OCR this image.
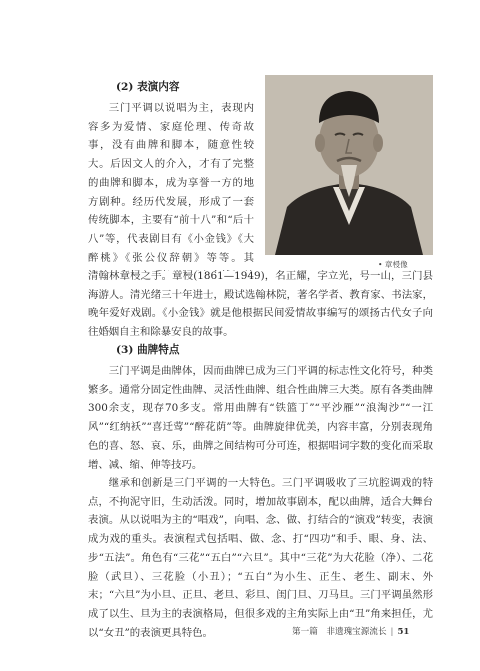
(2) 表演内容

三门平调以说唱为主，表现内容多为爱情、家庭伦理、传奇故事，没有曲牌和脚本，随意性较大。后因文人的介入，才有了完整的曲牌和脚本，成为享誉一方的地方剧种。经历代发展，形成了一套传统脚本，主要有“前十八”和“后十八”等，代表剧目有《小金钱》《大醉桃》《张公仪辞朝》等等。其

• 章梫像

清翰林章梫之手。章梫(1861—1949)，名正耀，字立光，号一山，三门县海游人。清光绪三十年进士，殿试选翰林院，著名学者、教育家、书法家，晚年爱好戏剧。《小金钱》就是他根据民间爱情故事编写的颂扬古代女子向往婚姻自主和除暴安良的故事。

(3) 曲牌特点

三门平调是曲牌体，因而曲牌已成为三门平调的标志性文化符号，种类繁多。通常分固定性曲牌、灵活性曲牌、组合性曲牌三大类。原有各类曲牌300余支，现存70多支。常用曲牌有“铁篮丁”“平沙雁”“浪淘沙”“一江风”“红纳袄”“喜迁莺”“醉花荫”等。曲牌旋律优美，内容丰富，分别表现角色的喜、怒、哀、乐，曲牌之间结构可分可连，根据唱词字数的变化而采取增、减、缩、伸等技巧。

继承和创新是三门平调的一大特色。三门平调吸收了三坑腔调戏的特点，不拘泥守旧，生动活泼。同时，增加故事剧本，配以曲牌，适合大舞台表演。从以说唱为主的“唱戏”，向唱、念、做、打结合的“演戏”转变，表演成为戏的重头。表演程式包括唱、做、念、打“四功”和手、眼、身、法、步“五法”。角色有“三花”“五白”“六旦”。其中“三花”为大花脸（净）、二花脸（武旦）、三花脸（小丑）；“五白”为小生、正生、老生、副末、外末；“六旦”为小旦、正旦、老旦、彩旦、闺门旦、刀马旦。三门平调虽然形成了以生、旦为主的表演格局，但很多戏的主角实际上由“丑”角来担任，尤以“女丑”的表演更具特色。	第一篇　非遗瑰宝源流长 | 51
